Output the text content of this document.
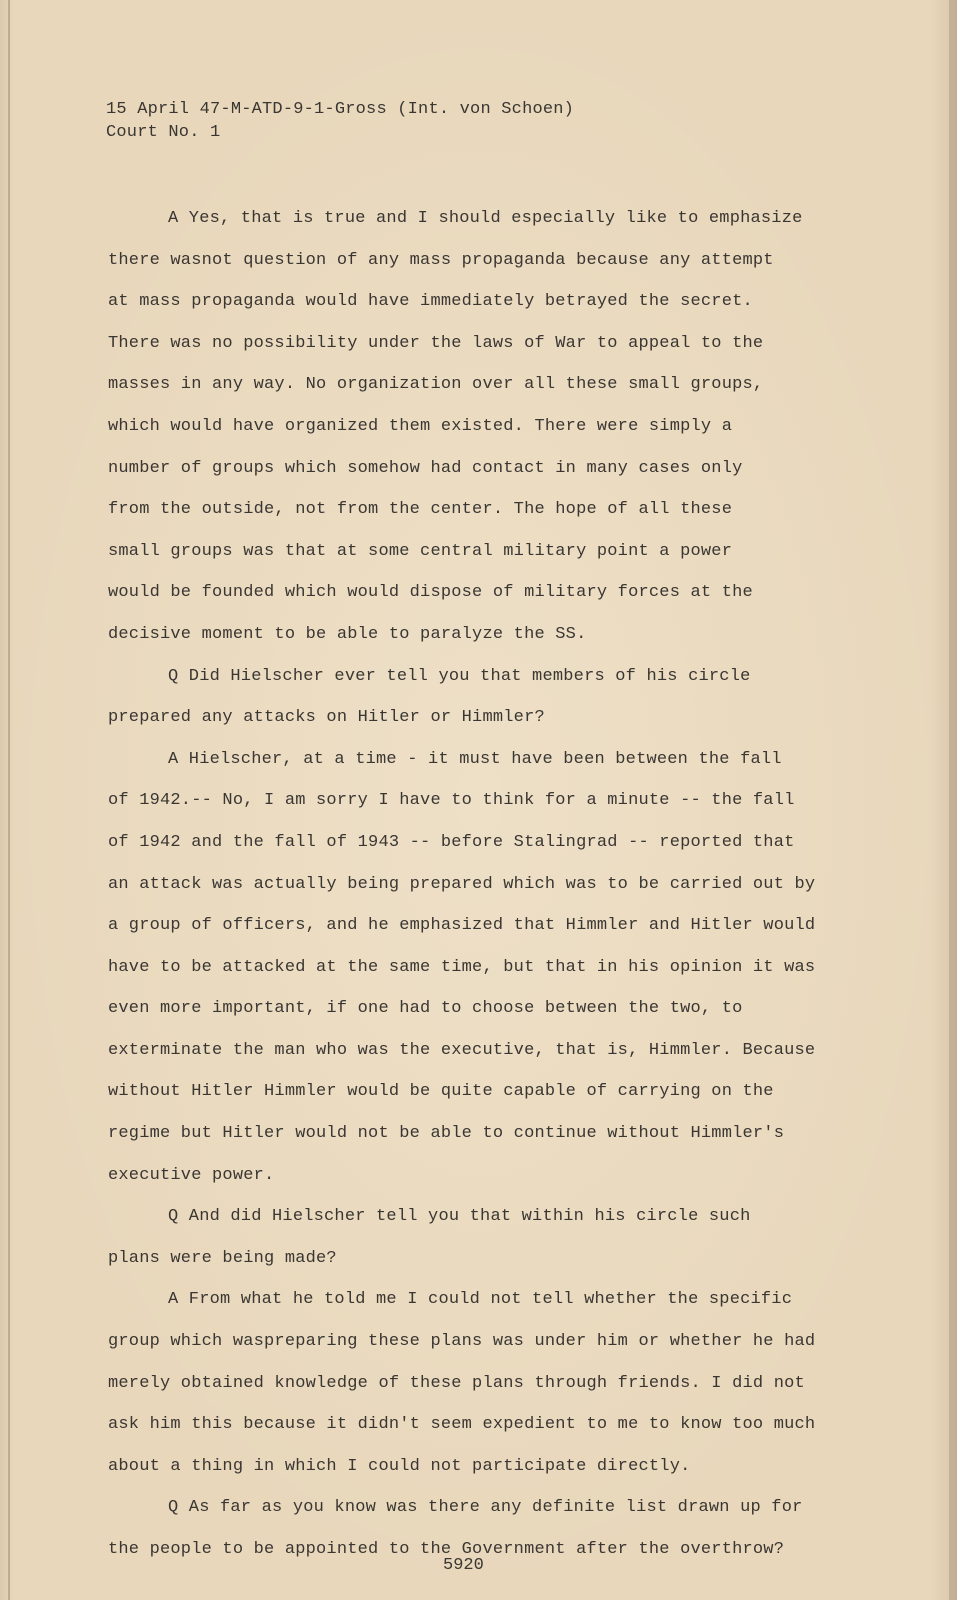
15 April 47-M-ATD-9-1-Gross (Int. von Schoen)
Court No. 1
A Yes, that is true and I should especially like to emphasize
there wasnot question of any mass propaganda because any attempt
at mass propaganda would have immediately betrayed the secret.
There was no possibility under the laws of War to appeal to the
masses in any way. No organization over all these small groups,
which would have organized them existed. There were simply a
number of groups which somehow had contact in many cases only
from the outside, not from the center. The hope of all these
small groups was that at some central military point a power
would be founded which would dispose of military forces at the
decisive moment to be able to paralyze the SS.
Q Did Hielscher ever tell you that members of his circle
prepared any attacks on Hitler or Himmler?
A Hielscher, at a time - it must have been between the fall
of 1942.-- No, I am sorry I have to think for a minute -- the fall
of 1942 and the fall of 1943 -- before Stalingrad -- reported that
an attack was actually being prepared which was to be carried out by
a group of officers, and he emphasized that Himmler and Hitler would
have to be attacked at the same time, but that in his opinion it was
even more important, if one had to choose between the two, to
exterminate the man who was the executive, that is, Himmler. Because
without Hitler Himmler would be quite capable of carrying on the
regime but Hitler would not be able to continue without Himmler's
executive power.
Q And did Hielscher tell you that within his circle such
plans were being made?
A From what he told me I could not tell whether the specific
group which waspreparing these plans was under him or whether he had
merely obtained knowledge of these plans through friends. I did not
ask him this because it didn't seem expedient to me to know too much
about a thing in which I could not participate directly.
Q As far as you know was there any definite list drawn up for
the people to be appointed to the Government after the overthrow?
5920
